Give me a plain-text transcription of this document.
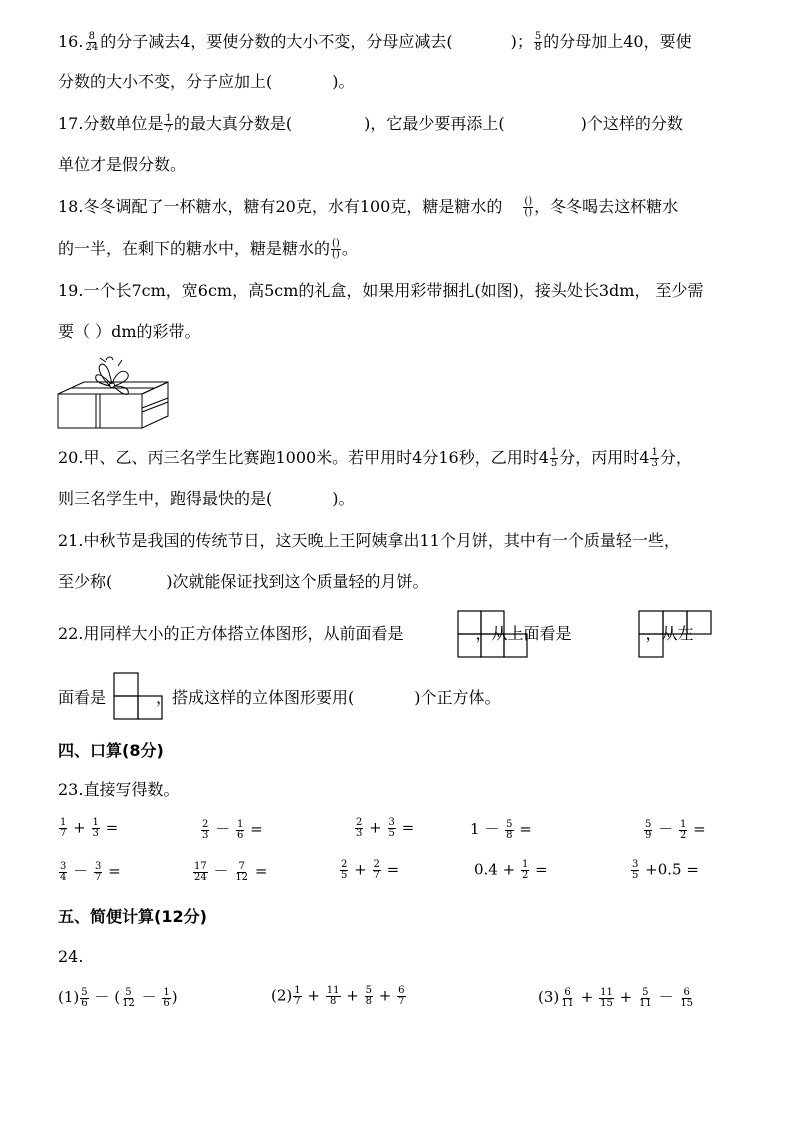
16. $\frac{8}{24}$ 的分子减去4，要使分数的大小不变，分母应减去(	)； $\frac{5}{8}$ 的分母加上40，要使
分数的大小不变，分子应加上(	)。
17.分数单位是 $\frac{1}{7}$ 的最大真分数是(	)，它最少要再添上(	)个这样的分数
单位才是假分数。
18.冬冬调配了一杯糖水，糖有20克，水有100克，糖是糖水的 $\frac{()}{()}$ ，冬冬喝去这杯糖水
的一半，在剩下的糖水中，糖是糖水的 $\frac{()}{()}$ 。
19.一个长7cm，宽6cm，高5cm的礼盒，如果用彩带捆扎(如图)，接头处长3dm， 至少需
要（ ）dm的彩带。
20.甲、乙、丙三名学生比赛跑1000米。若甲用时4分16秒，乙用时$4 \frac{1}{5}$ 分，丙用时$4 \frac{1}{3}$ 分，
则三名学生中，跑得最快的是(	)。
21.中秋节是我国的传统节日，这天晚上王阿姨拿出11个月饼，其中有一个质量轻一些，
至少称(	)次就能保证找到这个质量轻的月饼。
22.用同样大小的正方体搭立体图形，从前面看是	，从上面看是	，从左
面看是	，搭成这样的立体图形要用(	)个正方体。
四、口算(8分)
23.直接写得数。
$\frac{1}{7} + \frac{1}{3}$ =	$\frac{2}{3} - \frac{1}{6}$ =	$\frac{2}{3} + \frac{3}{5}$ =	$1 - \frac{5}{8}$ =	$\frac{5}{9} - \frac{1}{2}$ =
$\frac{3}{4} - \frac{3}{7}$ =	$\frac{17}{24} - \frac{7}{12}$ =	$\frac{2}{5} + \frac{2}{7}$ =	$0.4 + \frac{1}{2}$ =	$\frac{3}{5} +0.5$ =
五、简便计算(12分)
24.
$(1) \frac{5}{6}$ － ( $\frac{5}{12} - \frac{1}{6}$ )	$(2) \frac{1}{7} + \frac{11}{8} + \frac{5}{8} + \frac{6}{7}$	$(3) \frac{6}{11} + \frac{11}{15} + \frac{5}{11} - \frac{6}{15}$
